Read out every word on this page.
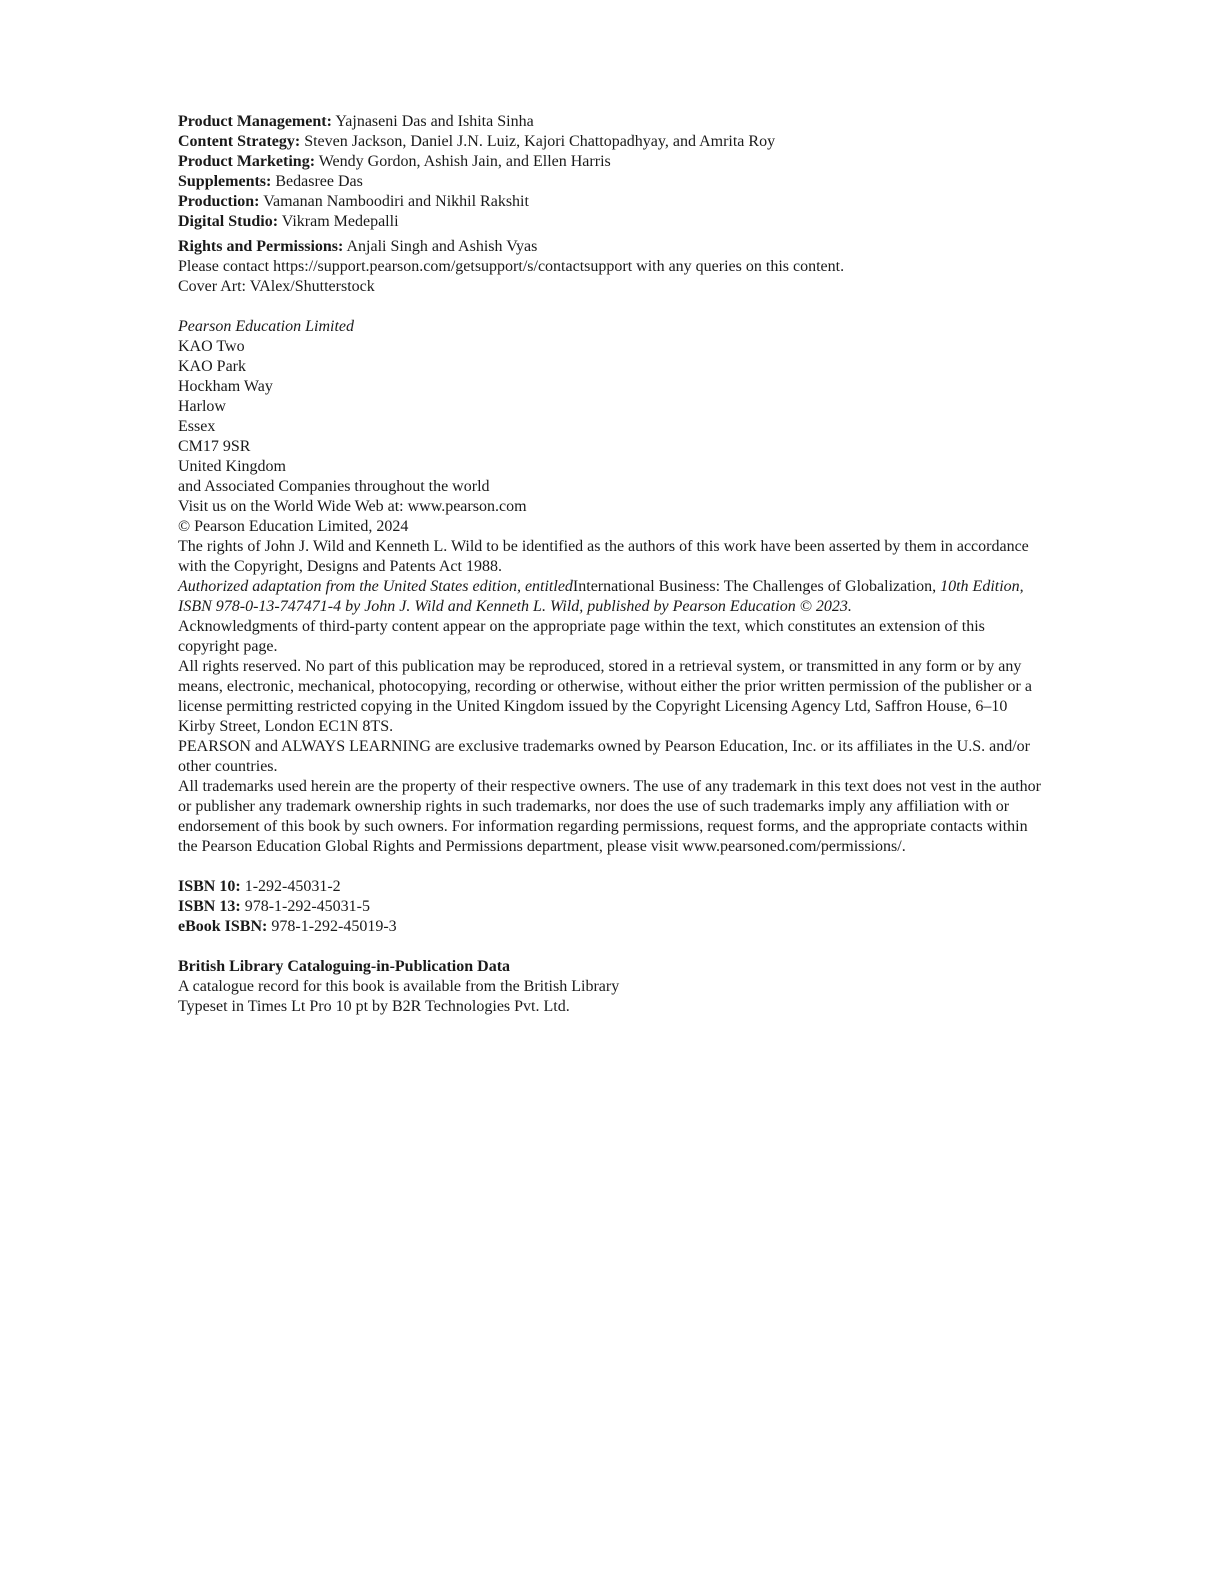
Product Management: Yajnaseni Das and Ishita Sinha
Content Strategy: Steven Jackson, Daniel J.N. Luiz, Kajori Chattopadhyay, and Amrita Roy
Product Marketing: Wendy Gordon, Ashish Jain, and Ellen Harris
Supplements: Bedasree Das
Production: Vamanan Namboodiri and Nikhil Rakshit
Digital Studio: Vikram Medepalli
Rights and Permissions: Anjali Singh and Ashish Vyas

Please contact https://support.pearson.com/getsupport/s/contactsupport with any queries on this content.

Cover Art: VAlex/Shutterstock

Pearson Education Limited
KAO Two
KAO Park
Hockham Way
Harlow
Essex
CM17 9SR
United Kingdom

and Associated Companies throughout the world

Visit us on the World Wide Web at: www.pearson.com

© Pearson Education Limited, 2024

The rights of John J. Wild and Kenneth L. Wild to be identified as the authors of this work have been asserted by them in accordance with the Copyright, Designs and Patents Act 1988.

Authorized adaptation from the United States edition, entitledInternational Business: The Challenges of Globalization, 10th Edition, ISBN 978-0-13-747471-4 by John J. Wild and Kenneth L. Wild, published by Pearson Education © 2023.

Acknowledgments of third-party content appear on the appropriate page within the text, which constitutes an extension of this copyright page.

All rights reserved. No part of this publication may be reproduced, stored in a retrieval system, or transmitted in any form or by any means, electronic, mechanical, photocopying, recording or otherwise, without either the prior written permission of the publisher or a license permitting restricted copying in the United Kingdom issued by the Copyright Licensing Agency Ltd, Saffron House, 6–10 Kirby Street, London EC1N 8TS.

PEARSON and ALWAYS LEARNING are exclusive trademarks owned by Pearson Education, Inc. or its affiliates in the U.S. and/or other countries.

All trademarks used herein are the property of their respective owners. The use of any trademark in this text does not vest in the author or publisher any trademark ownership rights in such trademarks, nor does the use of such trademarks imply any affiliation with or endorsement of this book by such owners. For information regarding permissions, request forms, and the appropriate contacts within the Pearson Education Global Rights and Permissions department, please visit www.pearsoned.com/permissions/.

ISBN 10: 1-292-45031-2
ISBN 13: 978-1-292-45031-5
eBook ISBN: 978-1-292-45019-3
British Library Cataloguing-in-Publication Data
A catalogue record for this book is available from the British Library

Typeset in Times Lt Pro 10 pt by B2R Technologies Pvt. Ltd.
